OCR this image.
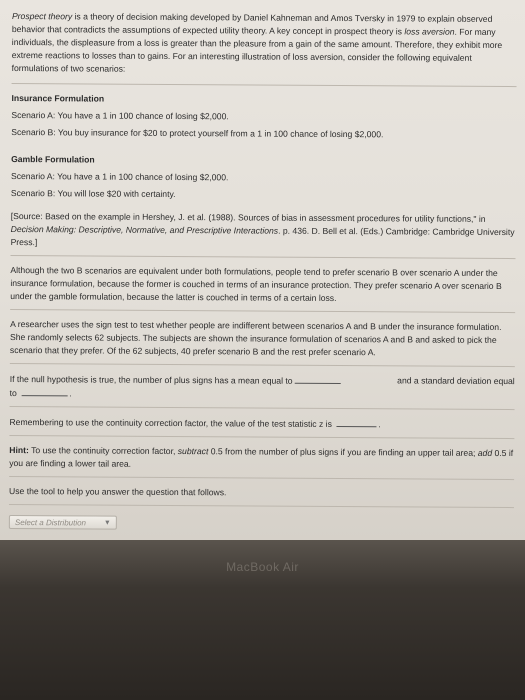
Prospect theory is a theory of decision making developed by Daniel Kahneman and Amos Tversky in 1979 to explain observed behavior that contradicts the assumptions of expected utility theory. A key concept in prospect theory is loss aversion. For many individuals, the displeasure from a loss is greater than the pleasure from a gain of the same amount. Therefore, they exhibit more extreme reactions to losses than to gains. For an interesting illustration of loss aversion, consider the following equivalent formulations of two scenarios:

Insurance Formulation

Scenario A: You have a 1 in 100 chance of losing $2,000.

Scenario B: You buy insurance for $20 to protect yourself from a 1 in 100 chance of losing $2,000.

Gamble Formulation

Scenario A: You have a 1 in 100 chance of losing $2,000.

Scenario B: You will lose $20 with certainty.

[Source: Based on the example in Hershey, J. et al. (1988). Sources of bias in assessment procedures for utility functions," in Decision Making: Descriptive, Normative, and Prescriptive Interactions. p. 436. D. Bell et al. (Eds.) Cambridge: Cambridge University Press.]

Although the two B scenarios are equivalent under both formulations, people tend to prefer scenario B over scenario A under the insurance formulation, because the former is couched in terms of an insurance protection. They prefer scenario A over scenario B under the gamble formulation, because the latter is couched in terms of a certain loss.

A researcher uses the sign test to test whether people are indifferent between scenarios A and B under the insurance formulation. She randomly selects 62 subjects. The subjects are shown the insurance formulation of scenarios A and B and asked to pick the scenario that they prefer. Of the 62 subjects, 40 prefer scenario B and the rest prefer scenario A.

If the null hypothesis is true, the number of plus signs has a mean equal to	and a standard deviation equal
to	.
Remembering to use the continuity correction factor, the value of the test statistic z is	.

Hint: To use the continuity correction factor, subtract 0.5 from the number of plus signs if you are finding an upper tail area; add 0.5 if you are finding a lower tail area.

Use the tool to help you answer the question that follows.

Select a Distribution	▼
MacBook Air
